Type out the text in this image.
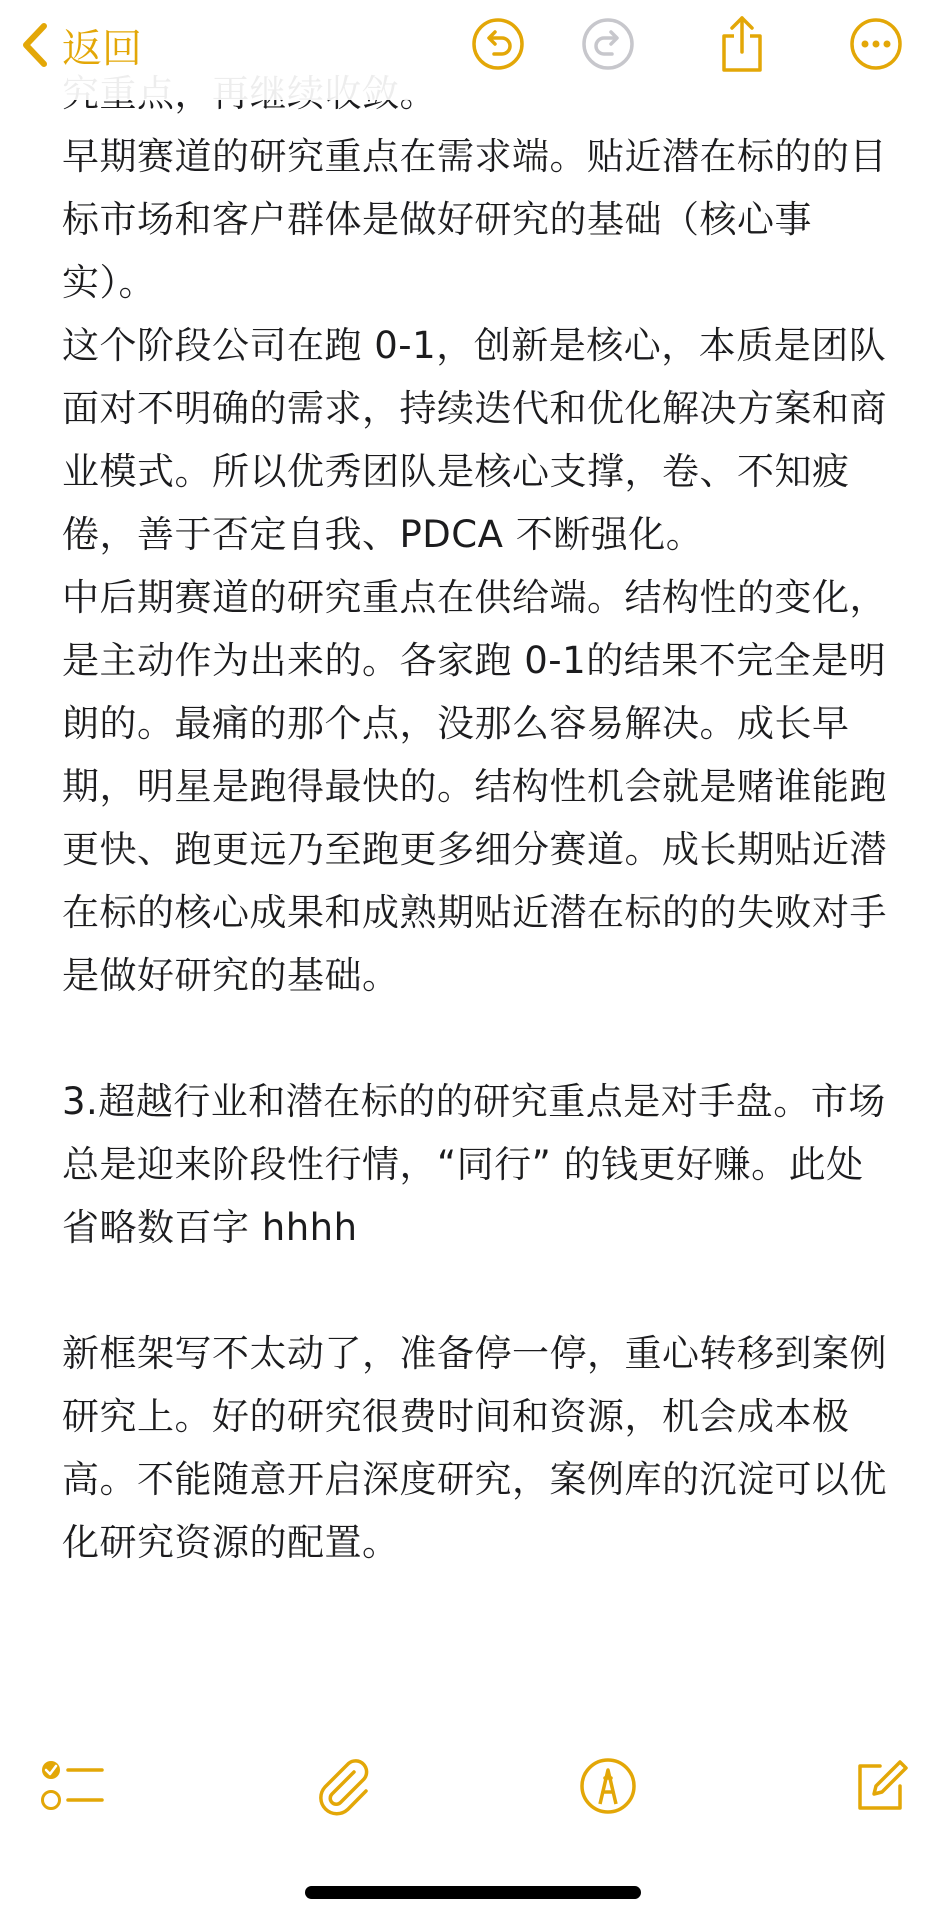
返回

早期赛道的研究重点在需求端。贴近潜在标的的目标市场和客户群体是做好研究的基础（核心事实）。

这个阶段公司在跑 0-1，创新是核心，本质是团队面对不明确的需求，持续迭代和优化解决方案和商业模式。所以优秀团队是核心支撑，卷、不知疲倦，善于否定自我、PDCA 不断强化。

中后期赛道的研究重点在供给端。结构性的变化，是主动作为出来的。各家跑 0-1的结果不完全是明朗的。最痛的那个点，没那么容易解决。成长早期，明星是跑得最快的。结构性机会就是赌谁能跑更快、跑更远乃至跑更多细分赛道。成长期贴近潜在标的核心成果和成熟期贴近潜在标的的失败对手是做好研究的基础。

3.超越行业和潜在标的的研究重点是对手盘。市场总是迎来阶段性行情，“同行” 的钱更好赚。此处省略数百字 hhhh

新框架写不太动了，准备停一停，重心转移到案例研究上。好的研究很费时间和资源，机会成本极高。不能随意开启深度研究，案例库的沉淀可以优化研究资源的配置。
